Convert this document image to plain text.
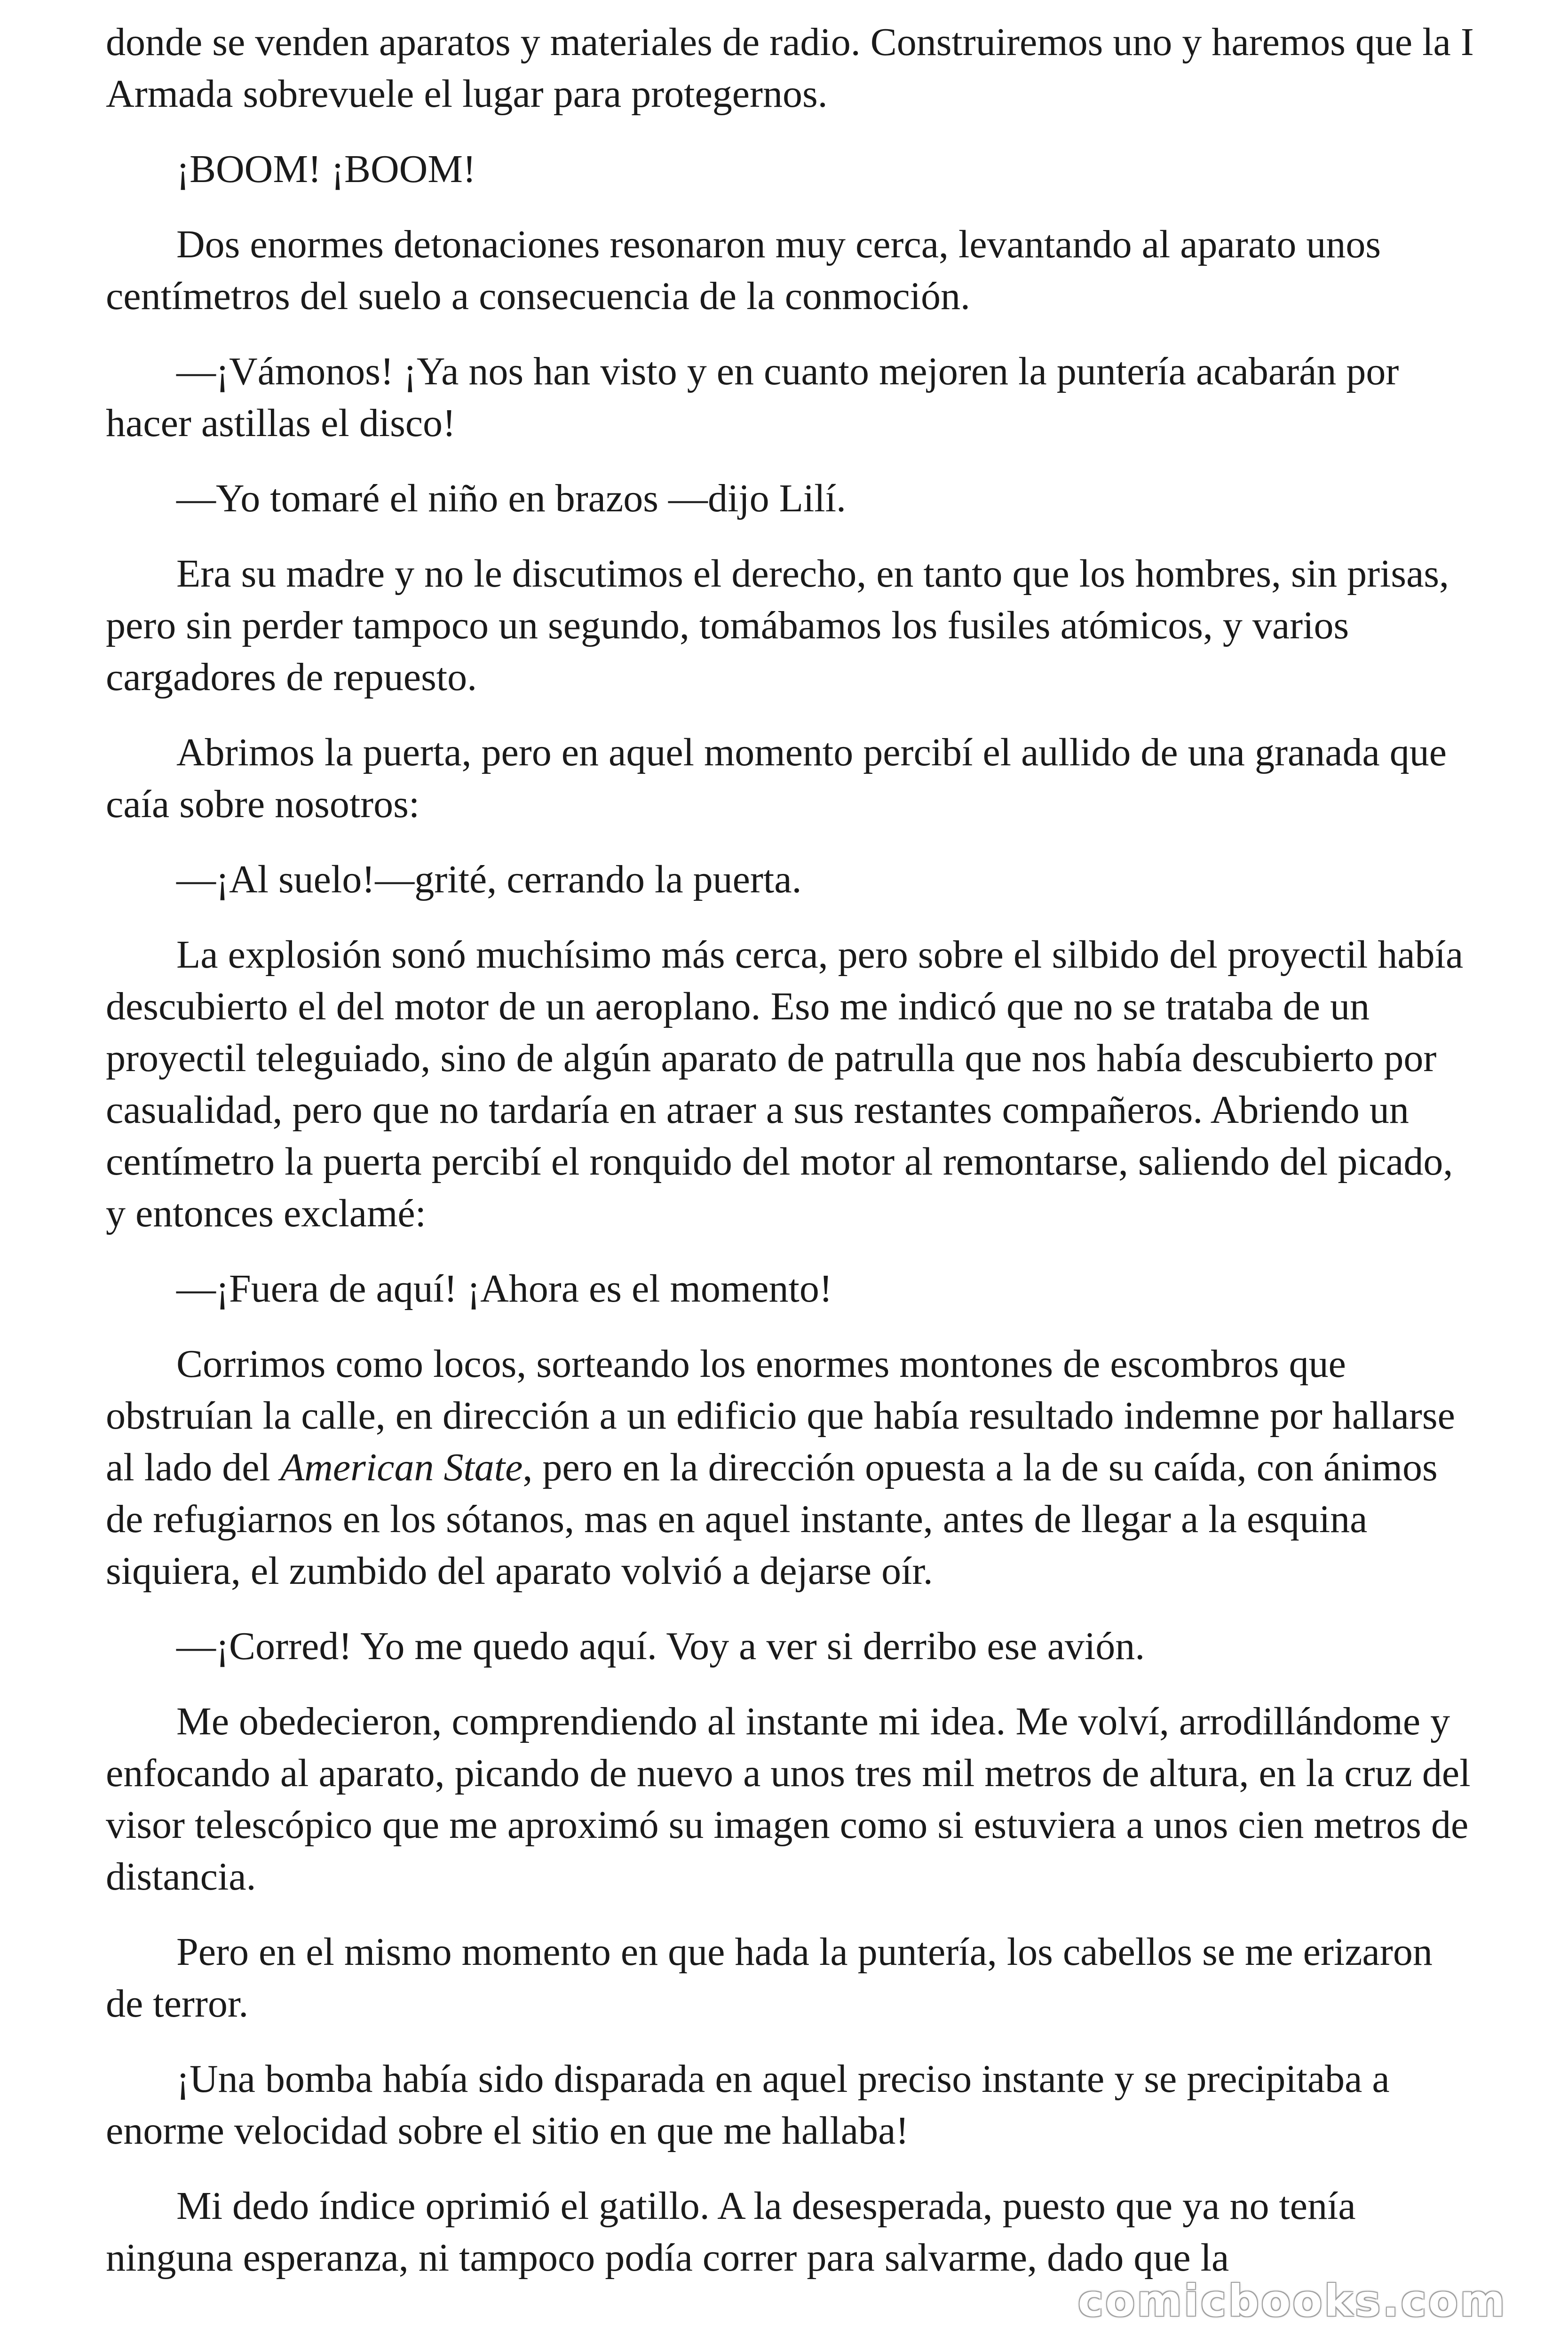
donde se venden aparatos y materiales de radio. Construiremos uno y haremos que la I Armada sobrevuele el lugar para protegernos.

¡BOOM! ¡BOOM!

Dos enormes detonaciones resonaron muy cerca, levantando al aparato unos centímetros del suelo a consecuencia de la conmoción.

—¡Vámonos! ¡Ya nos han visto y en cuanto mejoren la puntería acabarán por hacer astillas el disco!

—Yo tomaré el niño en brazos —dijo Lilí.

Era su madre y no le discutimos el derecho, en tanto que los hombres, sin prisas, pero sin perder tampoco un segundo, tomábamos los fusiles atómicos, y varios cargadores de repuesto.

Abrimos la puerta, pero en aquel momento percibí el aullido de una granada que caía sobre nosotros:

—¡Al suelo!—grité, cerrando la puerta.

La explosión sonó muchísimo más cerca, pero sobre el silbido del proyectil había descubierto el del motor de un aeroplano. Eso me indicó que no se trataba de un proyectil teleguiado, sino de algún aparato de patrulla que nos había descubierto por casualidad, pero que no tardaría en atraer a sus restantes compañeros. Abriendo un centímetro la puerta percibí el ronquido del motor al remontarse, saliendo del picado, y entonces exclamé:

—¡Fuera de aquí! ¡Ahora es el momento!

Corrimos como locos, sorteando los enormes montones de escombros que obstruían la calle, en dirección a un edificio que había resultado indemne por hallarse al lado del American State, pero en la dirección opuesta a la de su caída, con ánimos de refugiarnos en los sótanos, mas en aquel instante, antes de llegar a la esquina siquiera, el zumbido del aparato volvió a dejarse oír.

—¡Corred! Yo me quedo aquí. Voy a ver si derribo ese avión.

Me obedecieron, comprendiendo al instante mi idea. Me volví, arrodillándome y enfocando al aparato, picando de nuevo a unos tres mil metros de altura, en la cruz del visor telescópico que me aproximó su imagen como si estuviera a unos cien metros de distancia.

Pero en el mismo momento en que hada la puntería, los cabellos se me erizaron de terror.

¡Una bomba había sido disparada en aquel preciso instante y se precipitaba a enorme velocidad sobre el sitio en que me hallaba!

Mi dedo índice oprimió el gatillo. A la desesperada, puesto que ya no tenía ninguna esperanza, ni tampoco podía correr para salvarme, dado que la

comicbooks.com
